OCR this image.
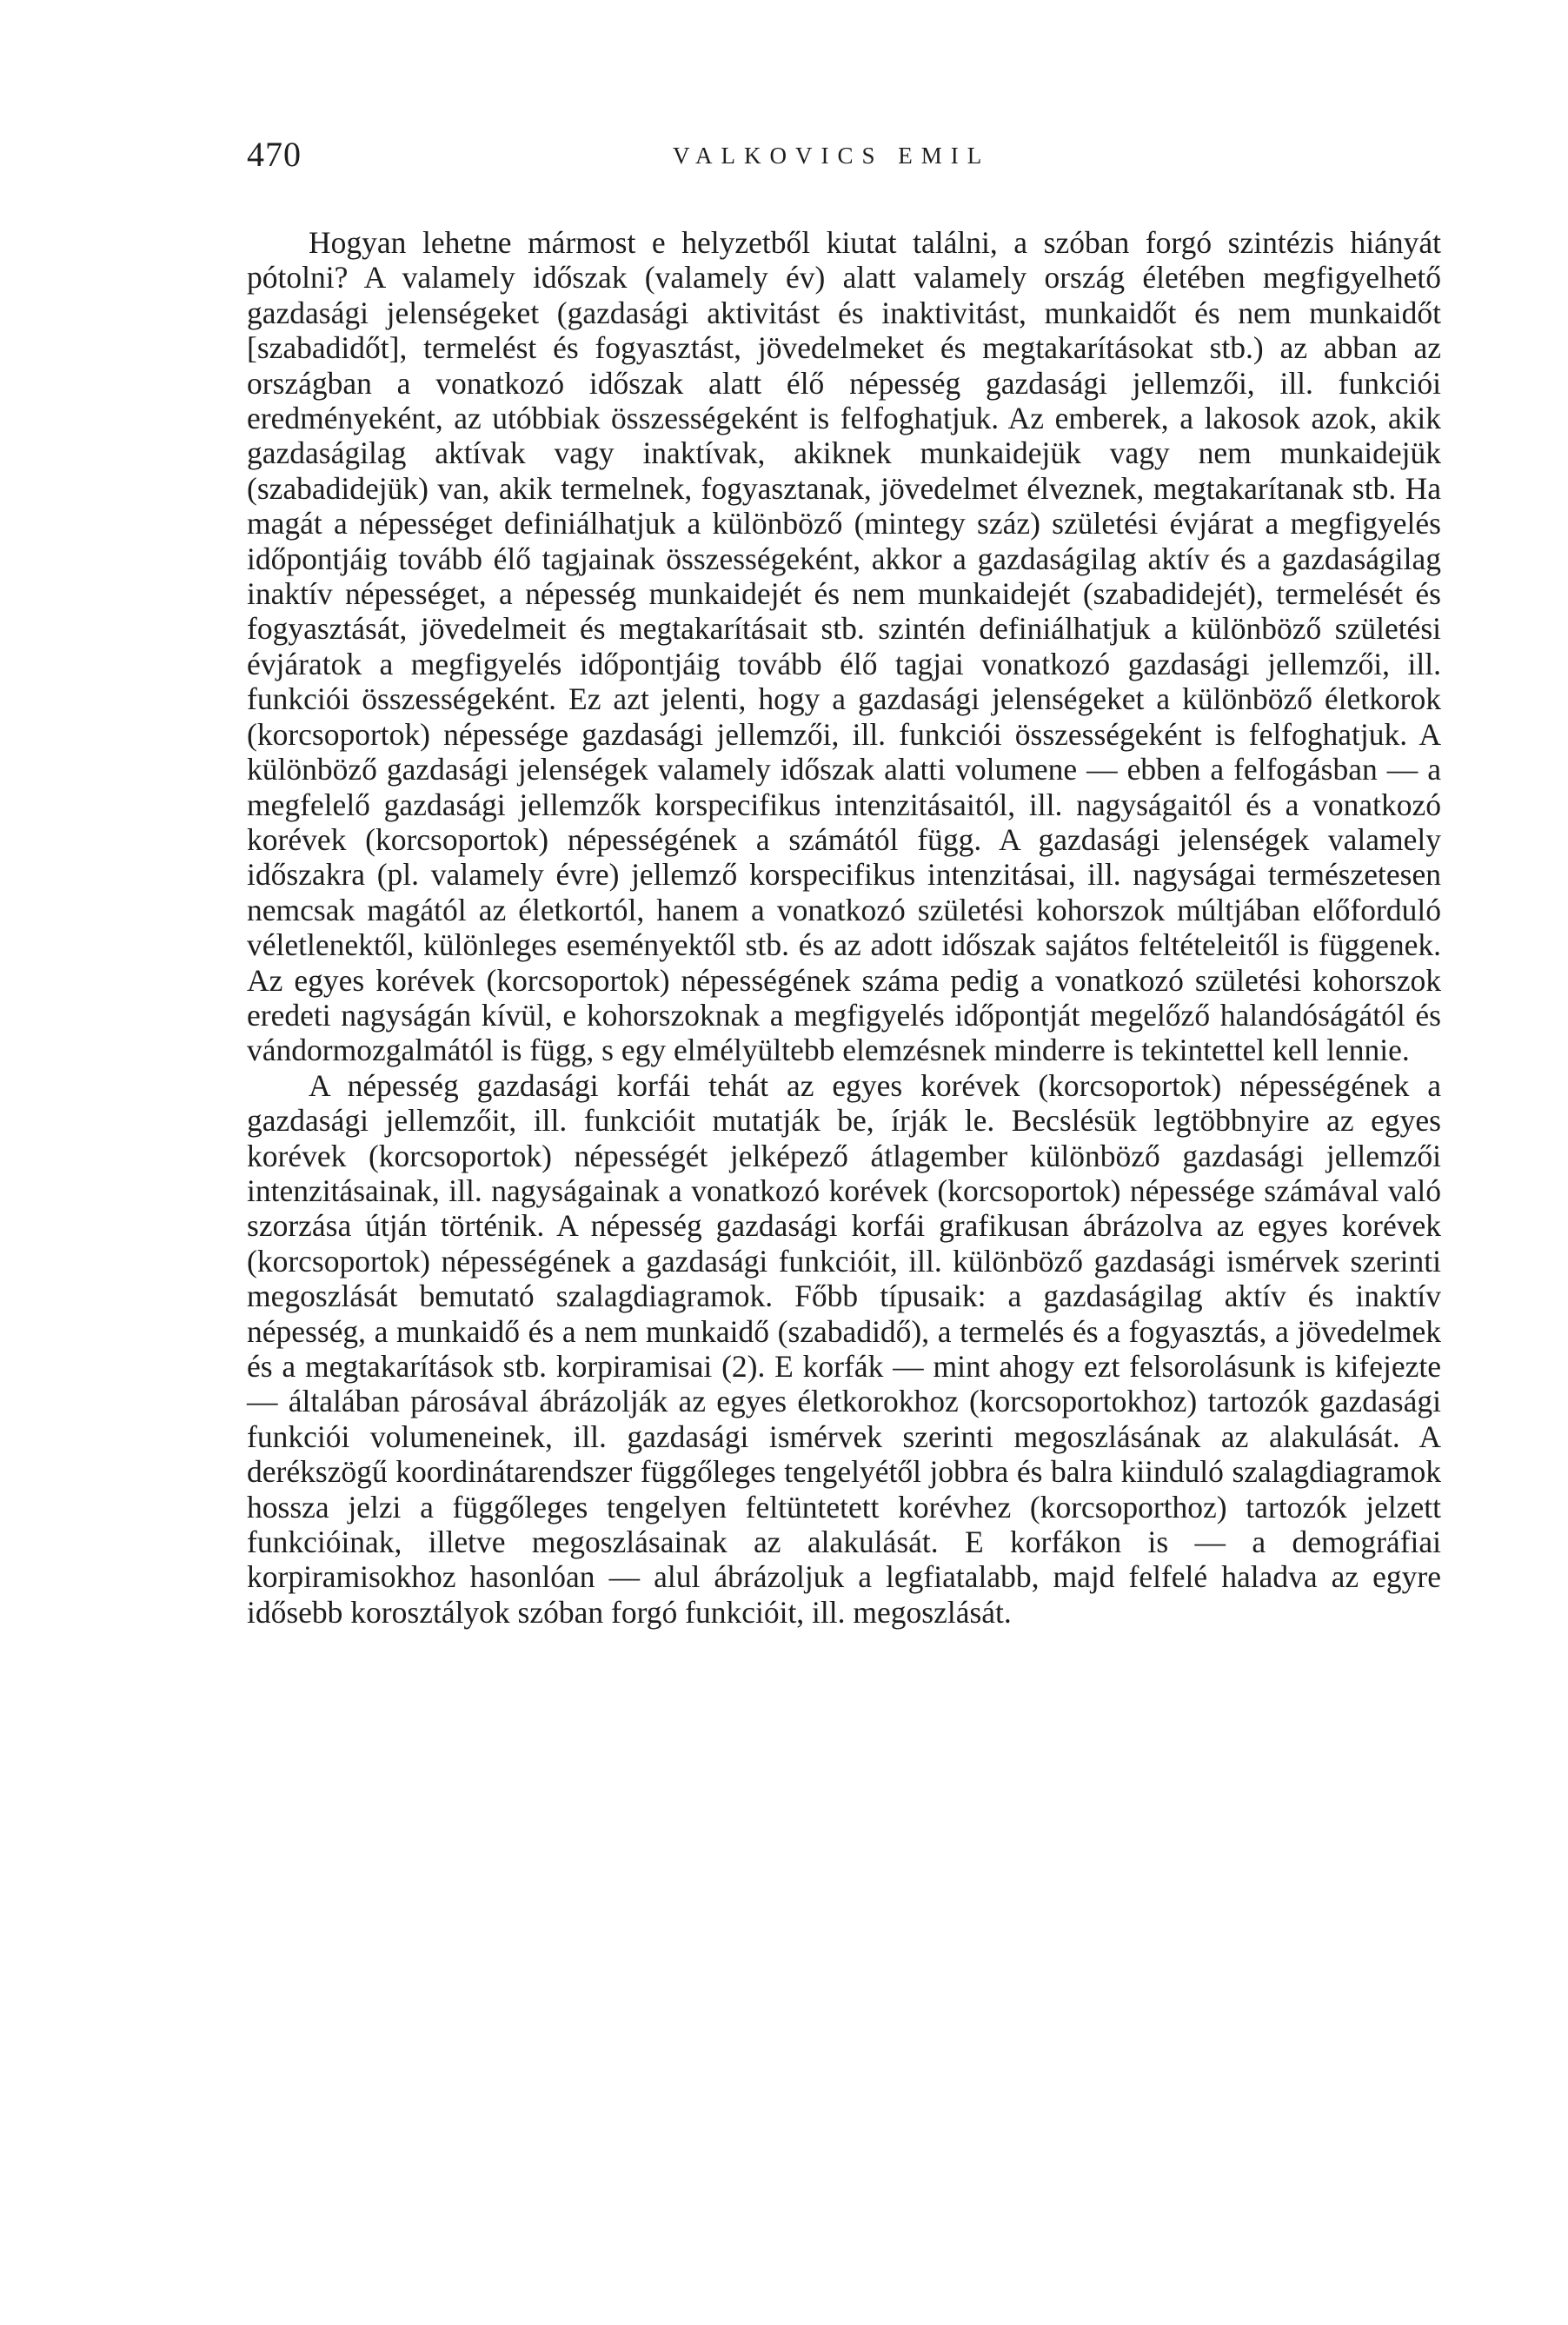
470	VALKOVICS EMIL

Hogyan lehetne mármost e helyzetből kiutat találni, a szóban forgó szintézis hiányát pótolni? A valamely időszak (valamely év) alatt valamely ország életében megfigyelhető gazdasági jelenségeket (gazdasági aktivitást és inaktivitást, munkaidőt és nem munkaidőt [szabadidőt], termelést és fogyasztást, jövedelmeket és megtakarításokat stb.) az abban az országban a vonatkozó időszak alatt élő népesség gazdasági jellemzői, ill. funkciói eredményeként, az utóbbiak összességeként is felfoghatjuk. Az emberek, a lakosok azok, akik gazdaságilag aktívak vagy inaktívak, akiknek munkaidejük vagy nem munkaidejük (szabadidejük) van, akik termelnek, fogyasztanak, jövedelmet élveznek, megtakarítanak stb. Ha magát a népességet definiálhatjuk a különböző (mintegy száz) születési évjárat a megfigyelés időpontjáig tovább élő tagjainak összességeként, akkor a gazdaságilag aktív és a gazdaságilag inaktív népességet, a népesség munkaidejét és nem munkaidejét (szabadidejét), termelését és fogyasztását, jövedelmeit és megtakarításait stb. szintén definiálhatjuk a különböző születési évjáratok a megfigyelés időpontjáig tovább élő tagjai vonatkozó gazdasági jellemzői, ill. funkciói összességeként. Ez azt jelenti, hogy a gazdasági jelenségeket a különböző életkorok (korcsoportok) népessége gazdasági jellemzői, ill. funkciói összességeként is felfoghatjuk. A különböző gazdasági jelenségek valamely időszak alatti volumene — ebben a felfogásban — a megfelelő gazdasági jellemzők korspecifikus intenzitásaitól, ill. nagyságaitól és a vonatkozó korévek (korcsoportok) népességének a számától függ. A gazdasági jelenségek valamely időszakra (pl. valamely évre) jellemző korspecifikus intenzitásai, ill. nagyságai természetesen nemcsak magától az életkortól, hanem a vonatkozó születési kohorszok múltjában előforduló véletlenektől, különleges eseményektől stb. és az adott időszak sajátos feltételeitől is függenek. Az egyes korévek (korcsoportok) népességének száma pedig a vonatkozó születési kohorszok eredeti nagyságán kívül, e kohorszoknak a megfigyelés időpontját megelőző halandóságától és vándormozgalmától is függ, s egy elmélyültebb elemzésnek minderre is tekintettel kell lennie.

A népesség gazdasági korfái tehát az egyes korévek (korcsoportok) népességének a gazdasági jellemzőit, ill. funkcióit mutatják be, írják le. Becslésük legtöbbnyire az egyes korévek (korcsoportok) népességét jelképező átlagember különböző gazdasági jellemzői intenzitásainak, ill. nagyságainak a vonatkozó korévek (korcsoportok) népessége számával való szorzása útján történik. A népesség gazdasági korfái grafikusan ábrázolva az egyes korévek (korcsoportok) népességének a gazdasági funkcióit, ill. különböző gazdasági ismérvek szerinti megoszlását bemutató szalagdiagramok. Főbb típusaik: a gazdaságilag aktív és inaktív népesség, a munkaidő és a nem munkaidő (szabadidő), a termelés és a fogyasztás, a jövedelmek és a megtakarítások stb. korpiramisai (2). E korfák — mint ahogy ezt felsorolásunk is kifejezte — általában párosával ábrázolják az egyes életkorokhoz (korcsoportokhoz) tartozók gazdasági funkciói volumeneinek, ill. gazdasági ismérvek szerinti megoszlásának az alakulását. A derékszögű koordinátarendszer függőleges tengelyétől jobbra és balra kiinduló szalagdiagramok hossza jelzi a függőleges tengelyen feltüntetett korévhez (korcsoporthoz) tartozók jelzett funkcióinak, illetve megoszlásainak az alakulását. E korfákon is — a demográfiai korpiramisokhoz hasonlóan — alul ábrázoljuk a legfiatalabb, majd felfelé haladva az egyre idősebb korosztályok szóban forgó funkcióit, ill. megoszlását.
